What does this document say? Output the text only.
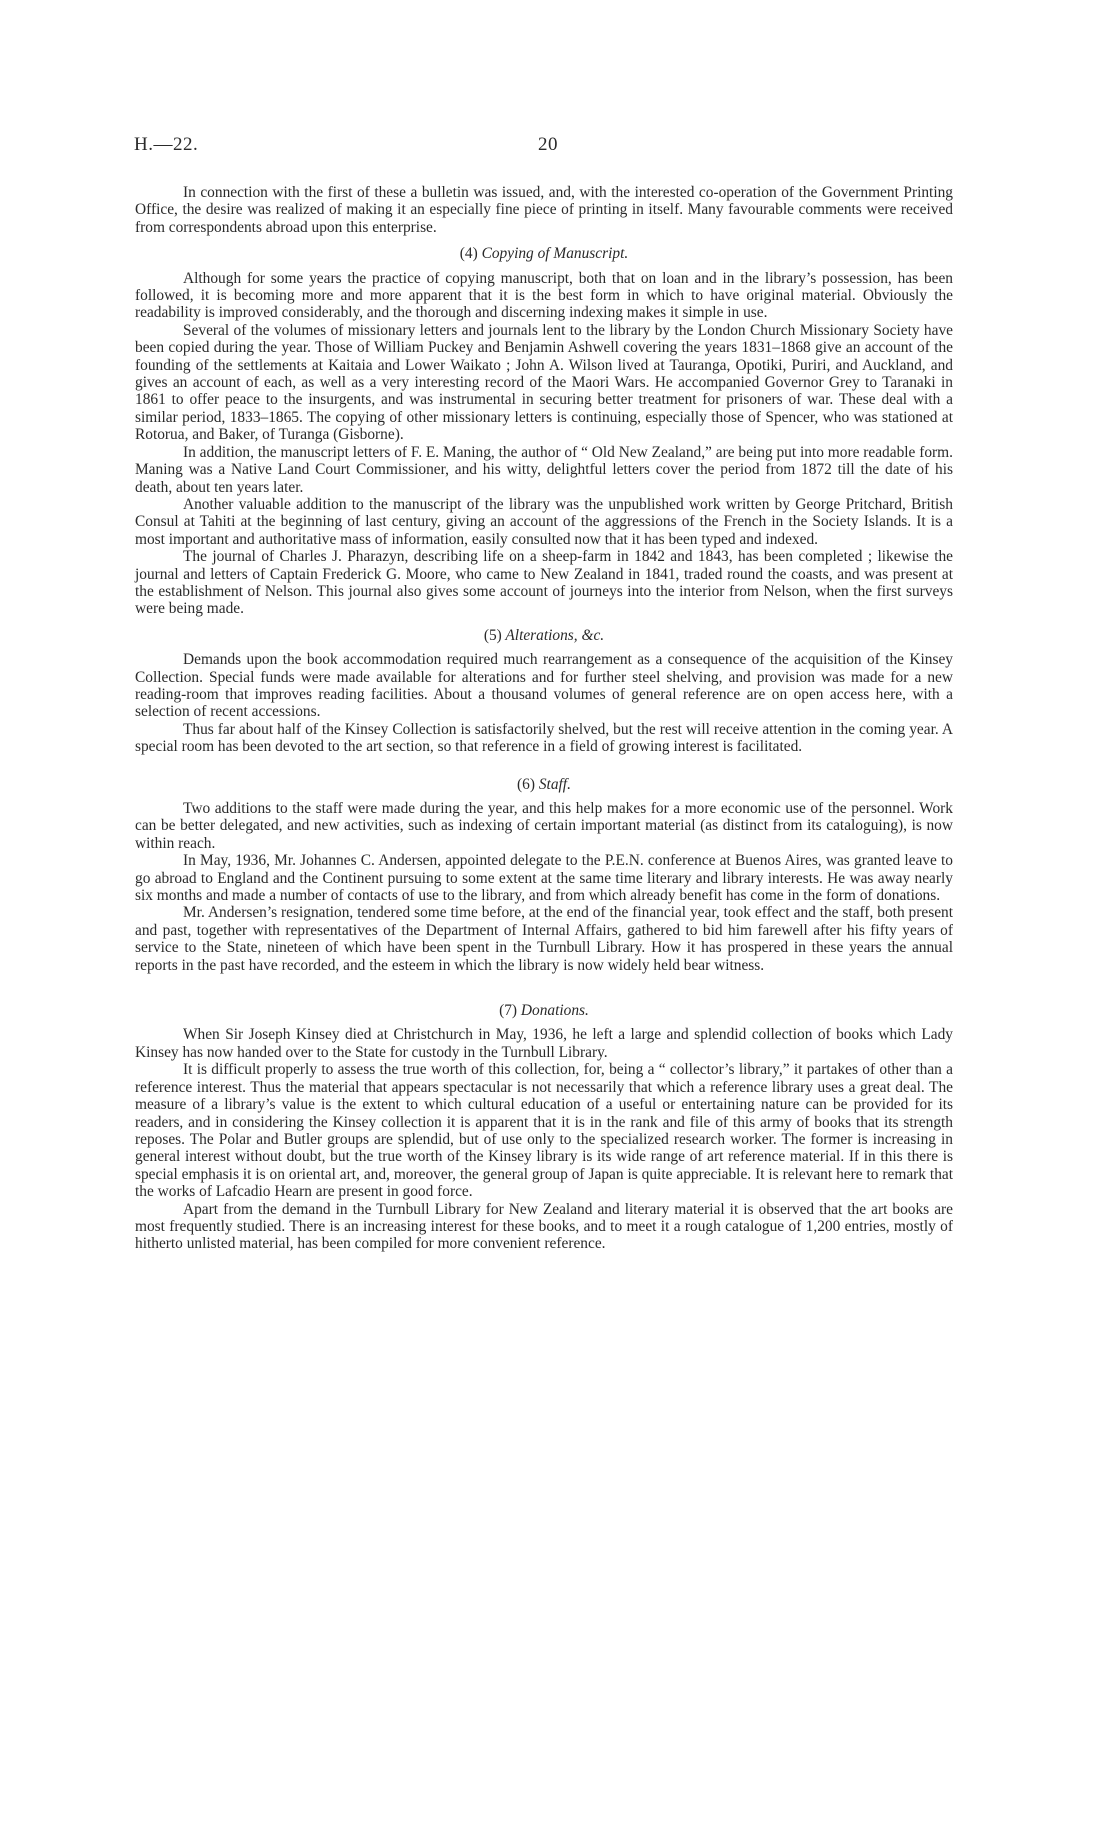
H.—22.	20

In connection with the first of these a bulletin was issued, and, with the interested co-operation of the Government Printing Office, the desire was realized of making it an especially fine piece of printing in itself. Many favourable comments were received from correspondents abroad upon this enterprise.

(4) Copying of Manuscript.

Although for some years the practice of copying manuscript, both that on loan and in the library’s possession, has been followed, it is becoming more and more apparent that it is the best form in which to have original material. Obviously the readability is improved considerably, and the thorough and discerning indexing makes it simple in use.

Several of the volumes of missionary letters and journals lent to the library by the London Church Missionary Society have been copied during the year. Those of William Puckey and Benjamin Ashwell covering the years 1831–1868 give an account of the founding of the settlements at Kaitaia and Lower Waikato ; John A. Wilson lived at Tauranga, Opotiki, Puriri, and Auckland, and gives an account of each, as well as a very interesting record of the Maori Wars. He accompanied Governor Grey to Taranaki in 1861 to offer peace to the insurgents, and was instrumental in securing better treatment for prisoners of war. These deal with a similar period, 1833–1865. The copying of other missionary letters is continuing, especially those of Spencer, who was stationed at Rotorua, and Baker, of Turanga (Gisborne).

In addition, the manuscript letters of F. E. Maning, the author of “ Old New Zealand,” are being put into more readable form. Maning was a Native Land Court Commissioner, and his witty, delightful letters cover the period from 1872 till the date of his death, about ten years later.

Another valuable addition to the manuscript of the library was the unpublished work written by George Pritchard, British Consul at Tahiti at the beginning of last century, giving an account of the aggressions of the French in the Society Islands. It is a most important and authoritative mass of information, easily consulted now that it has been typed and indexed.

The journal of Charles J. Pharazyn, describing life on a sheep-farm in 1842 and 1843, has been completed ; likewise the journal and letters of Captain Frederick G. Moore, who came to New Zealand in 1841, traded round the coasts, and was present at the establishment of Nelson. This journal also gives some account of journeys into the interior from Nelson, when the first surveys were being made.

(5) Alterations, &c.

Demands upon the book accommodation required much rearrangement as a consequence of the acquisition of the Kinsey Collection. Special funds were made available for alterations and for further steel shelving, and provision was made for a new reading-room that improves reading facilities. About a thousand volumes of general reference are on open access here, with a selection of recent accessions.

Thus far about half of the Kinsey Collection is satisfactorily shelved, but the rest will receive attention in the coming year. A special room has been devoted to the art section, so that reference in a field of growing interest is facilitated.

(6) Staff.

Two additions to the staff were made during the year, and this help makes for a more economic use of the personnel. Work can be better delegated, and new activities, such as indexing of certain important material (as distinct from its cataloguing), is now within reach.

In May, 1936, Mr. Johannes C. Andersen, appointed delegate to the P.E.N. conference at Buenos Aires, was granted leave to go abroad to England and the Continent pursuing to some extent at the same time literary and library interests. He was away nearly six months and made a number of contacts of use to the library, and from which already benefit has come in the form of donations.

Mr. Andersen’s resignation, tendered some time before, at the end of the financial year, took effect and the staff, both present and past, together with representatives of the Department of Internal Affairs, gathered to bid him farewell after his fifty years of service to the State, nineteen of which have been spent in the Turnbull Library. How it has prospered in these years the annual reports in the past have recorded, and the esteem in which the library is now widely held bear witness.

(7) Donations.

When Sir Joseph Kinsey died at Christchurch in May, 1936, he left a large and splendid collection of books which Lady Kinsey has now handed over to the State for custody in the Turnbull Library.

It is difficult properly to assess the true worth of this collection, for, being a “ collector’s library,” it partakes of other than a reference interest. Thus the material that appears spectacular is not necessarily that which a reference library uses a great deal. The measure of a library’s value is the extent to which cultural education of a useful or entertaining nature can be provided for its readers, and in considering the Kinsey collection it is apparent that it is in the rank and file of this army of books that its strength reposes. The Polar and Butler groups are splendid, but of use only to the specialized research worker. The former is increasing in general interest without doubt, but the true worth of the Kinsey library is its wide range of art reference material. If in this there is special emphasis it is on oriental art, and, moreover, the general group of Japan is quite appreciable. It is relevant here to remark that the works of Lafcadio Hearn are present in good force.

Apart from the demand in the Turnbull Library for New Zealand and literary material it is observed that the art books are most frequently studied. There is an increasing interest for these books, and to meet it a rough catalogue of 1,200 entries, mostly of hitherto unlisted material, has been compiled for more convenient reference.
